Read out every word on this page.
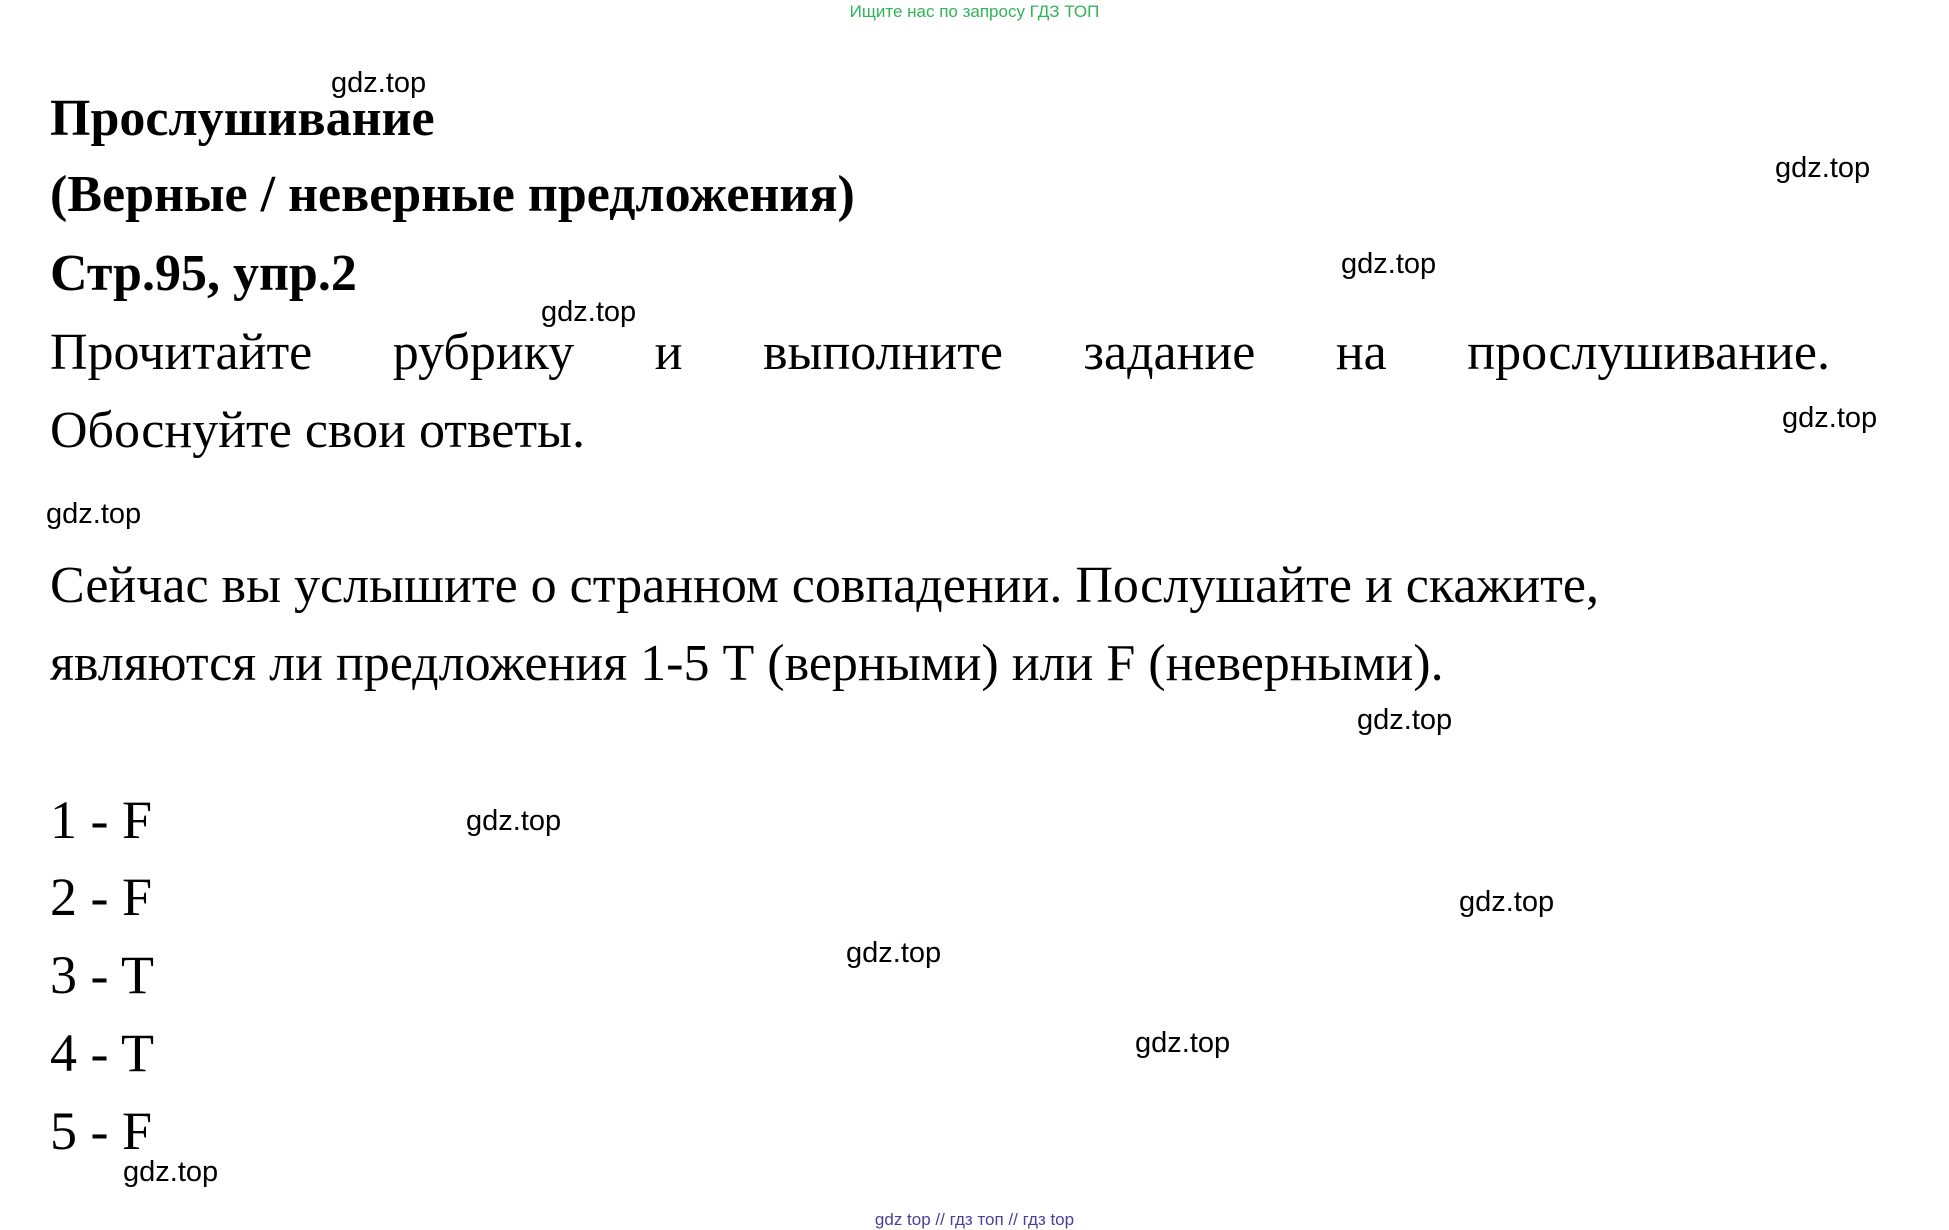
Ищите нас по запросу ГДЗ ТОП
Прослушивание
(Верные / неверные предложения)
Стр.95, упр.2
Прочитайте рубрику и выполните задание на прослушивание.
Обоснуйте свои ответы.
Сейчас вы услышите о странном совпадении. Послушайте и скажите,
являются ли предложения 1-5 Т (верными) или F (неверными).
1 - F
2 - F
3 - T
4 - T
5 - F
gdz.top
gdz.top
gdz.top
gdz.top
gdz.top
gdz.top
gdz.top
gdz.top
gdz.top
gdz.top
gdz.top
gdz.top
gdz top // гдз топ // гдз top
